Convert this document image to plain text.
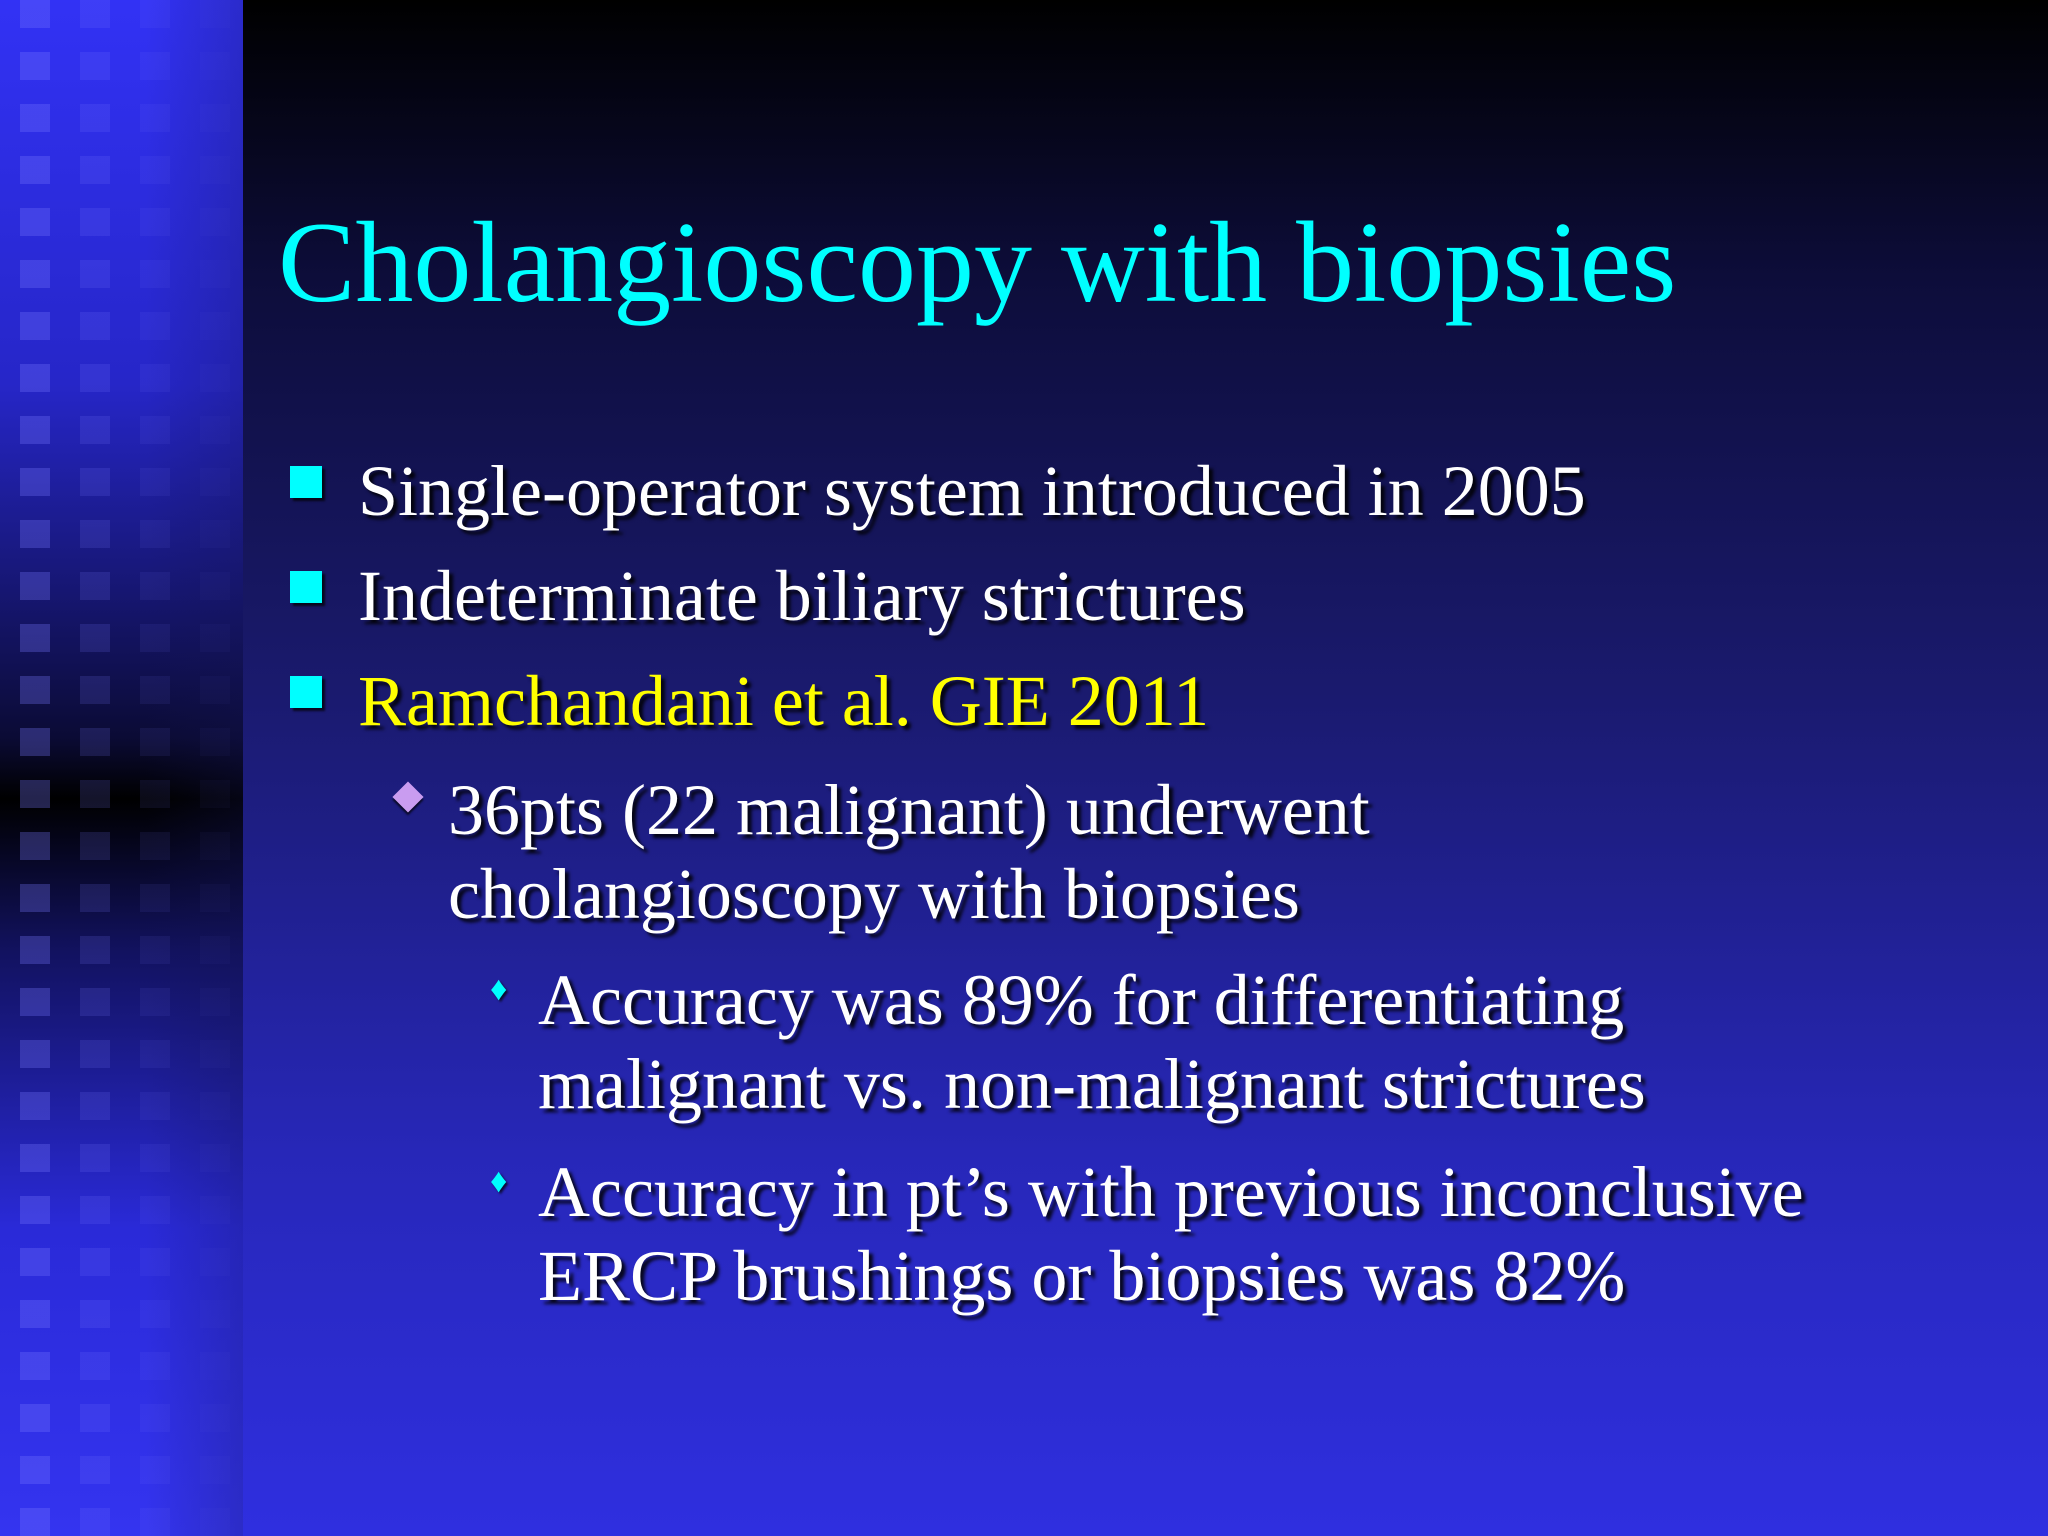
Cholangioscopy with biopsies
Single-operator system introduced in 2005
Indeterminate biliary strictures
Ramchandani et al. GIE 2011
36pts (22 malignant) underwent
cholangioscopy with biopsies
♦ Accuracy was 89% for differentiating
malignant vs. non-malignant strictures
♦ Accuracy in pt’s with previous inconclusive
ERCP brushings or biopsies was 82%
